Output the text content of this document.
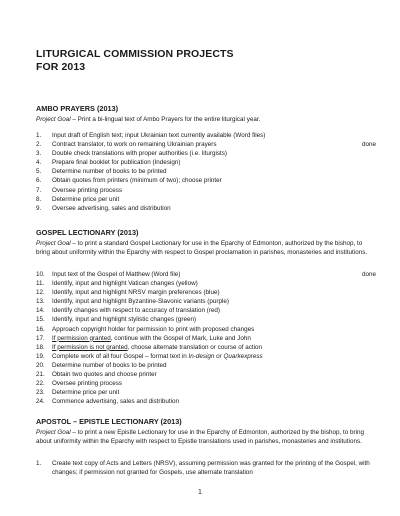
LITURGICAL COMMISSION PROJECTS
FOR 2013
AMBO PRAYERS (2013)
Project Goal – Print a bi-lingual text of Ambo Prayers for the entire liturgical year.
1. Input draft of English text; input Ukrainian text currently available (Word files)
2. Contract translator, to work on remaining Ukrainian prayers	done
3. Double check translations with proper authorities (i.e. liturgists)
4. Prepare final booklet for publication (Indesign)
5. Determine number of books to be printed
6. Obtain quotes from printers (minimum of two); choose printer
7. Oversee printing process
8. Determine price per unit
9. Oversee advertising, sales and distribution
GOSPEL LECTIONARY (2013)
Project Goal – to print a standard Gospel Lectionary for use in the Eparchy of Edmonton, authorized by the bishop, to bring about uniformity within the Eparchy with respect to Gospel proclamation in parishes, monasteries and institutions.
10. Input text of the Gospel of Matthew (Word file)	done
11. Identify, input and highlight Vatican changes (yellow)
12. Identify, input and highlight NRSV margin preferences (blue)
13. Identify, input and highlight Byzantine-Slavonic variants (purple)
14. Identify changes with respect to accuracy of translation (red)
15. Identify, input and highlight stylistic changes (green)
16. Approach copyright holder for permission to print with proposed changes
17. If permission granted, continue with the Gospel of Mark, Luke and John
18. If permission is not granted, choose alternate translation or course of action
19. Complete work of all four Gospel – format text in In-design or Quarkexpress
20. Determine number of books to be printed
21. Obtain two quotes and choose printer
22. Oversee printing process
23. Determine price per unit
24. Commence advertising, sales and distribution
APOSTOL – EPISTLE LECTIONARY (2013)
Project Goal – to print a new Epistle Lectionary for use in the Eparchy of Edmonton, authorized by the bishop, to bring about uniformity within the Eparchy with respect to Epistle translations used in parishes, monasteries and institutions.
1. Create text copy of Acts and Letters (NRSV), assuming permission was granted for the printing of the Gospel, with changes; if permission not granted for Gospels, use alternate translation
1
